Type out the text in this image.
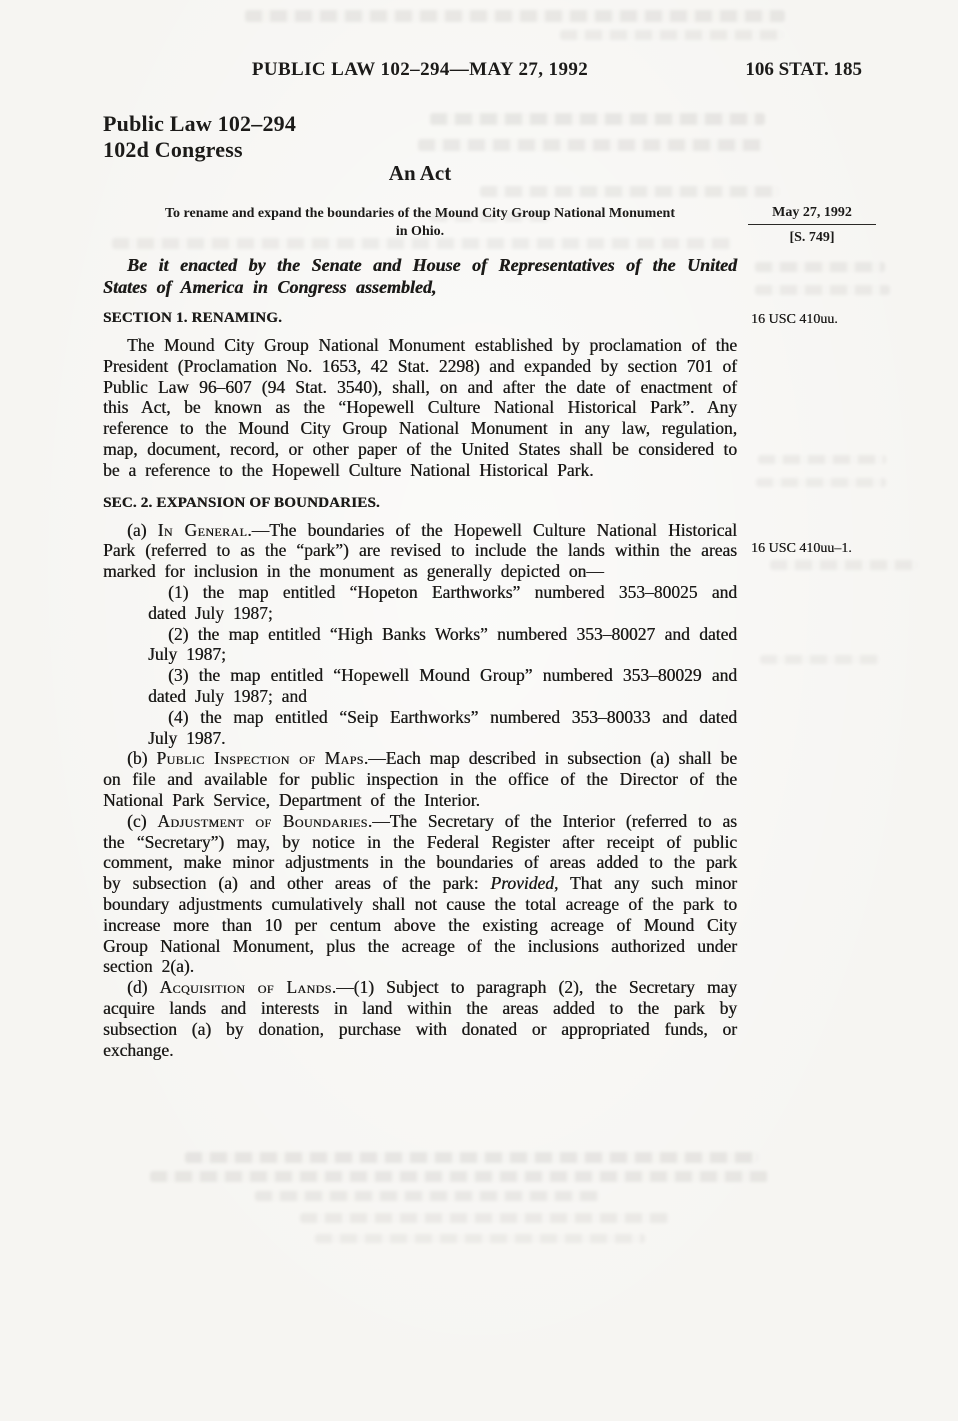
PUBLIC LAW 102–294—MAY 27, 1992	106 STAT. 185
Public Law 102–294
102d Congress
An Act
To rename and expand the boundaries of the Mound City Group National Monument
in Ohio.
May 27, 1992
[S. 749]
16 USC 410uu.
16 USC 410uu–1.

Be it enacted by the Senate and House of Representatives of the United States of America in Congress assembled,

SECTION 1. RENAMING.

The Mound City Group National Monument established by proclamation of the President (Proclamation No. 1653, 42 Stat. 2298) and expanded by section 701 of Public Law 96–607 (94 Stat. 3540), shall, on and after the date of enactment of this Act, be known as the “Hopewell Culture National Historical Park”. Any reference to the Mound City Group National Monument in any law, regulation, map, document, record, or other paper of the United States shall be considered to be a reference to the Hopewell Culture National Historical Park.

SEC. 2. EXPANSION OF BOUNDARIES.

(a) In General.—The boundaries of the Hopewell Culture National Historical Park (referred to as the “park”) are revised to include the lands within the areas marked for inclusion in the monument as generally depicted on—

(1) the map entitled “Hopeton Earthworks” numbered 353–80025 and dated July 1987;

(2) the map entitled “High Banks Works” numbered 353–80027 and dated July 1987;

(3) the map entitled “Hopewell Mound Group” numbered 353–80029 and dated July 1987; and

(4) the map entitled “Seip Earthworks” numbered 353–80033 and dated July 1987.

(b) Public Inspection of Maps.—Each map described in subsection (a) shall be on file and available for public inspection in the office of the Director of the National Park Service, Department of the Interior.

(c) Adjustment of Boundaries.—The Secretary of the Interior (referred to as the “Secretary”) may, by notice in the Federal Register after receipt of public comment, make minor adjustments in the boundaries of areas added to the park by subsection (a) and other areas of the park: Provided, That any such minor boundary adjustments cumulatively shall not cause the total acreage of the park to increase more than 10 per centum above the existing acreage of Mound City Group National Monument, plus the acreage of the inclusions authorized under section 2(a).

(d) Acquisition of Lands.—(1) Subject to paragraph (2), the Secretary may acquire lands and interests in land within the areas added to the park by subsection (a) by donation, purchase with donated or appropriated funds, or exchange.
